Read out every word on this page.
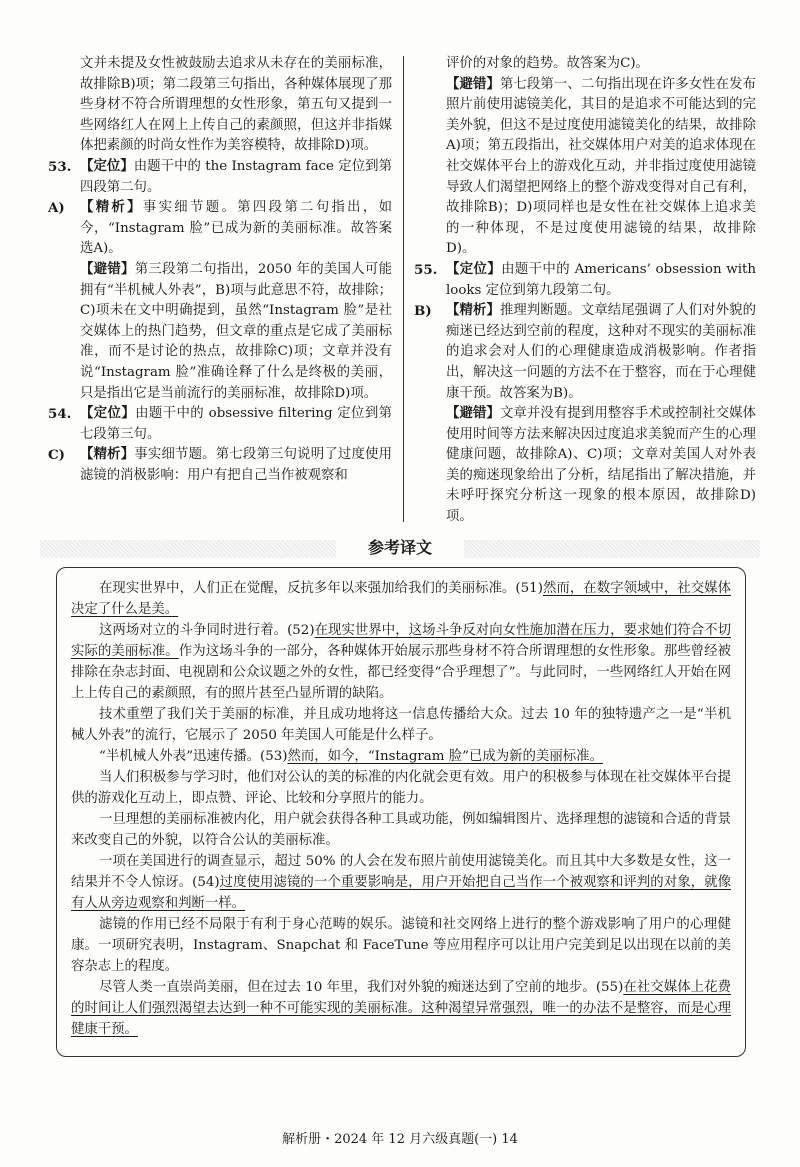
文并未提及女性被鼓励去追求从未存在的美丽标准，故排除B)项；第二段第三句指出，各种媒体展现了那些身材不符合所谓理想的女性形象，第五句又提到一些网络红人在网上上传自己的素颜照，但这并非指媒体把素颜的时尚女性作为美容模特，故排除D)项。
53. 【定位】由题干中的 the Instagram face 定位到第四段第二句。
A)	【精析】事实细节题。第四段第二句指出，如今，“Instagram 脸”已成为新的美丽标准。故答案选A)。
【避错】第三段第二句指出，2050 年的美国人可能拥有“半机械人外表”，B)项与此意思不符，故排除；C)项未在文中明确提到，虽然“Instagram 脸”是社交媒体上的热门趋势，但文章的重点是它成了美丽标准，而不是讨论的热点，故排除C)项；文章并没有说“Instagram 脸”准确诠释了什么是终极的美丽，只是指出它是当前流行的美丽标准，故排除D)项。
54. 【定位】由题干中的 obsessive filtering 定位到第七段第三句。
C)	【精析】事实细节题。第七段第三句说明了过度使用滤镜的消极影响：用户有把自己当作被观察和
评价的对象的趋势。故答案为C)。
【避错】第七段第一、二句指出现在许多女性在发布照片前使用滤镜美化，其目的是追求不可能达到的完美外貌，但这不是过度使用滤镜美化的结果，故排除A)项；第五段指出，社交媒体用户对美的追求体现在社交媒体平台上的游戏化互动，并非指过度使用滤镜导致人们渴望把网络上的整个游戏变得对自己有利，故排除B)；D)项同样也是女性在社交媒体上追求美的一种体现，不是过度使用滤镜的结果，故排除D)。
55. 【定位】由题干中的 Americans’ obsession with looks 定位到第九段第二句。
B)	【精析】推理判断题。文章结尾强调了人们对外貌的痴迷已经达到空前的程度，这种对不现实的美丽标准的追求会对人们的心理健康造成消极影响。作者指出，解决这一问题的方法不在于整容，而在于心理健康干预。故答案为B)。
【避错】文章并没有提到用整容手术或控制社交媒体使用时间等方法来解决因过度追求美貌而产生的心理健康问题，故排除A)、C)项；文章对美国人对外表美的痴迷现象给出了分析，结尾指出了解决措施，并未呼吁探究分析这一现象的根本原因，故排除D)项。
参考译文

在现实世界中，人们正在觉醒，反抗多年以来强加给我们的美丽标准。(51)然而，在数字领域中，社交媒体决定了什么是美。

这两场对立的斗争同时进行着。(52)在现实世界中，这场斗争反对向女性施加潜在压力，要求她们符合不切实际的美丽标准。作为这场斗争的一部分，各种媒体开始展示那些身材不符合所谓理想的女性形象。那些曾经被排除在杂志封面、电视剧和公众议题之外的女性，都已经变得“合乎理想了”。与此同时，一些网络红人开始在网上上传自己的素颜照，有的照片甚至凸显所谓的缺陷。

技术重塑了我们关于美丽的标准，并且成功地将这一信息传播给大众。过去 10 年的独特遗产之一是“半机械人外表”的流行，它展示了 2050 年美国人可能是什么样子。

“半机械人外表”迅速传播。(53)然而，如今，“Instagram 脸”已成为新的美丽标准。

当人们积极参与学习时，他们对公认的美的标准的内化就会更有效。用户的积极参与体现在社交媒体平台提供的游戏化互动上，即点赞、评论、比较和分享照片的能力。

一旦理想的美丽标准被内化，用户就会获得各种工具或功能，例如编辑图片、选择理想的滤镜和合适的背景来改变自己的外貌，以符合公认的美丽标准。

一项在美国进行的调查显示，超过 50% 的人会在发布照片前使用滤镜美化。而且其中大多数是女性，这一结果并不令人惊讶。(54)过度使用滤镜的一个重要影响是，用户开始把自己当作一个被观察和评判的对象，就像有人从旁边观察和判断一样。

滤镜的作用已经不局限于有利于身心范畴的娱乐。滤镜和社交网络上进行的整个游戏影响了用户的心理健康。一项研究表明，Instagram、Snapchat 和 FaceTune 等应用程序可以让用户完美到足以出现在以前的美容杂志上的程度。

尽管人类一直崇尚美丽，但在过去 10 年里，我们对外貌的痴迷达到了空前的地步。(55)在社交媒体上花费的时间让人们强烈渴望去达到一种不可能实现的美丽标准。这种渴望异常强烈，唯一的办法不是整容，而是心理健康干预。

解析册・2024 年 12 月六级真题(一) 14
